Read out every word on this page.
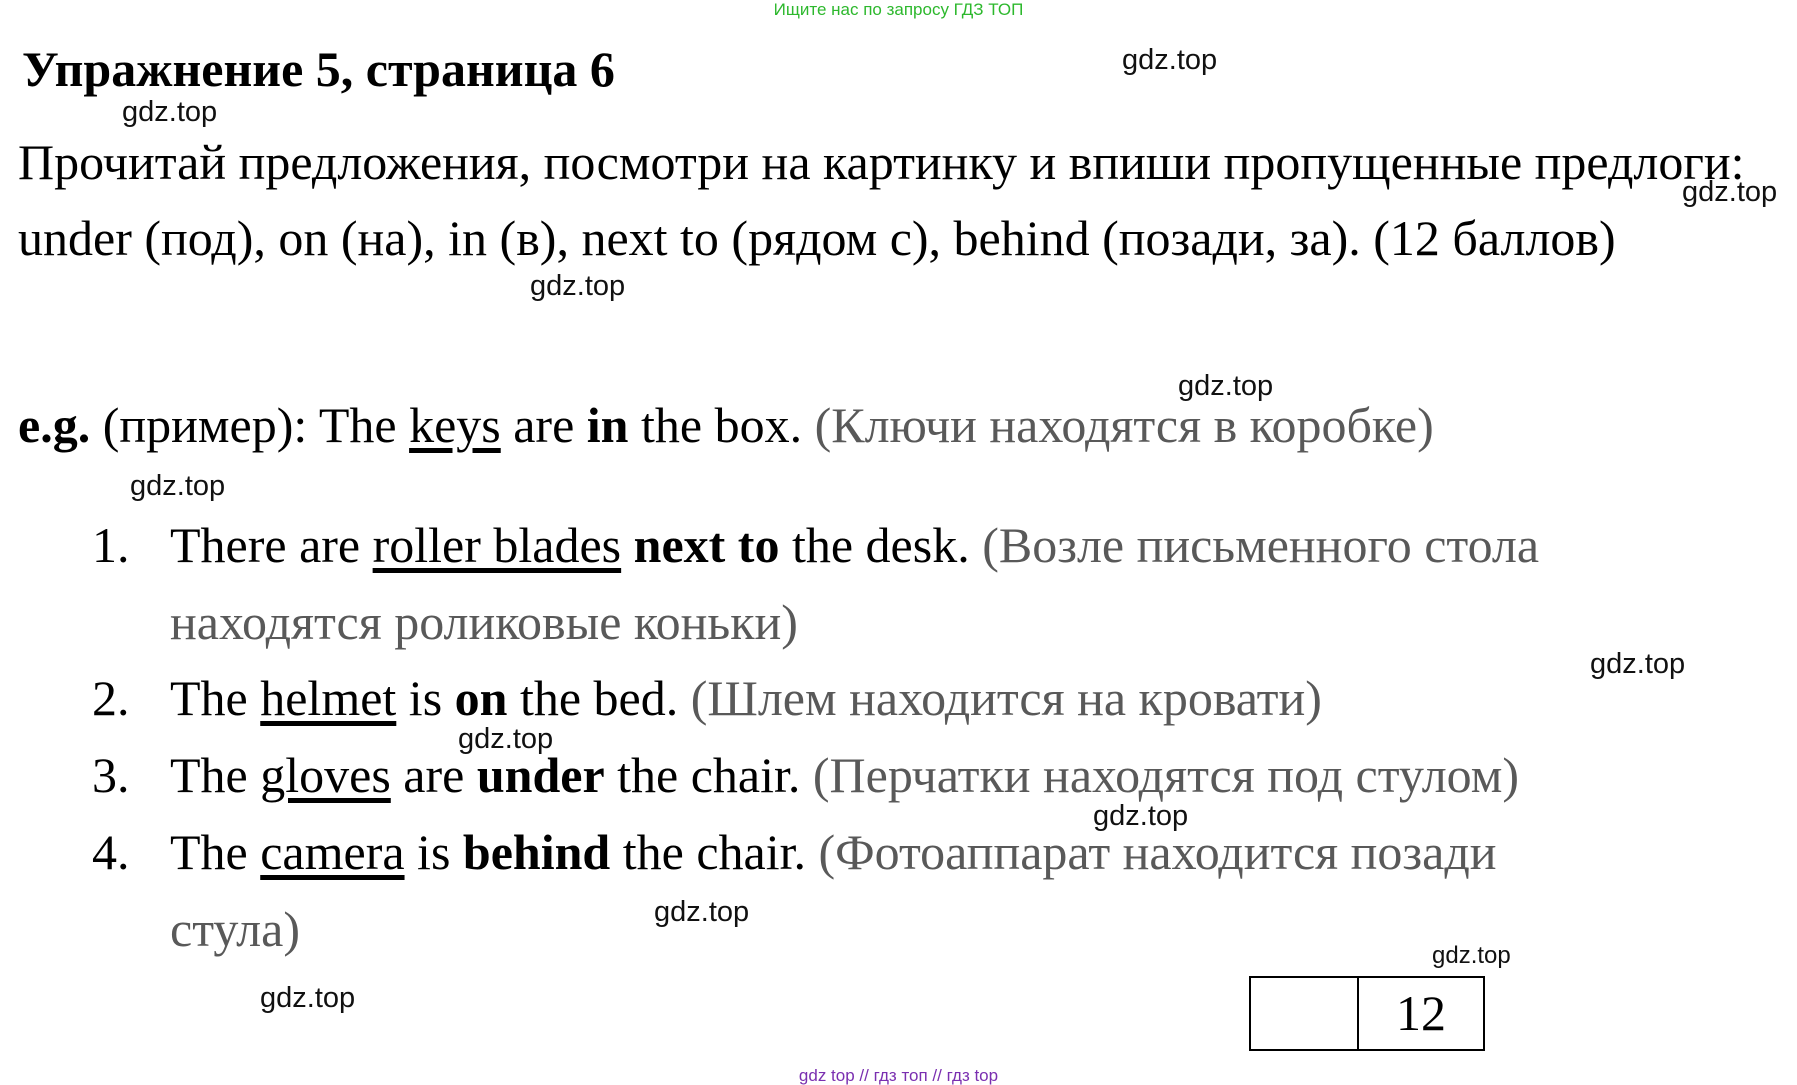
Ищите нас по запросу ГДЗ ТОП
Упражнение 5, страница 6
Прочитай предложения, посмотри на картинку и впиши пропущенные предлоги: under (под), on (на), in (в), next to (рядом с), behind (позади, за). (12 баллов)
e.g. (пример): The keys are in the box. (Ключи находятся в коробке)
1. There are roller blades next to the desk. (Возле письменного стола
находятся роликовые коньки)
2. The helmet is on the bed. (Шлем находится на кровати)
3. The gloves are under the chair. (Перчатки находятся под стулом)
4. The camera is behind the chair. (Фотоаппарат находится позади
стула)
12
gdz.top
gdz.top
gdz.top
gdz.top
gdz.top
gdz.top
gdz.top
gdz.top
gdz.top
gdz.top
gdz.top
gdz.top
gdz top // гдз топ // гдз top
